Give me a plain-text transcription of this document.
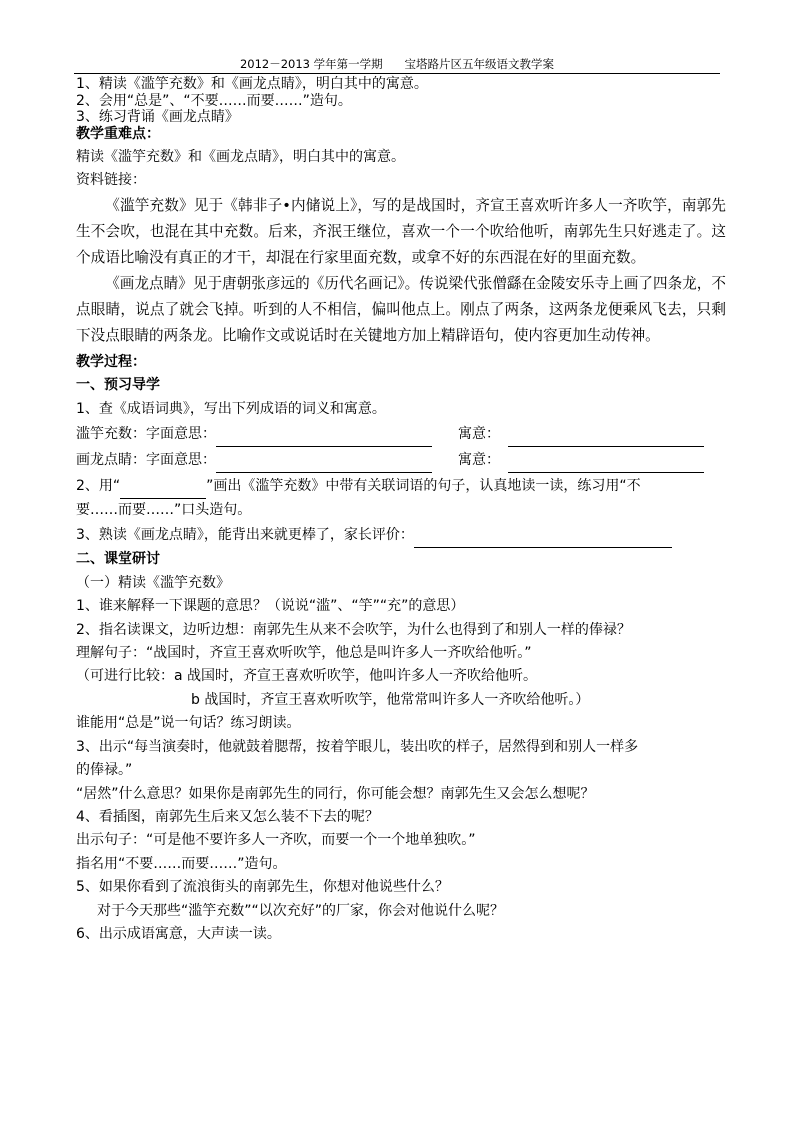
2012－2013 学年第一学期      宝塔路片区五年级语文教学案
1、精读《滥竽充数》和《画龙点睛》，明白其中的寓意。
2、会用“总是”、“不要……而要……”造句。
3、练习背诵《画龙点睛》
教学重难点：
精读《滥竽充数》和《画龙点睛》，明白其中的寓意。
资料链接：
《滥竽充数》见于《韩非子•内储说上》，写的是战国时，齐宣王喜欢听许多人一齐吹竽，南郭先生不会吹，也混在其中充数。后来，齐泯王继位，喜欢一个一个吹给他听，南郭先生只好逃走了。这个成语比喻没有真正的才干，却混在行家里面充数，或拿不好的东西混在好的里面充数。
《画龙点睛》见于唐朝张彦远的《历代名画记》。传说梁代张僧繇在金陵安乐寺上画了四条龙，不点眼睛，说点了就会飞掉。听到的人不相信，偏叫他点上。刚点了两条，这两条龙便乘风飞去，只剩下没点眼睛的两条龙。比喻作文或说话时在关键地方加上精辟语句，使内容更加生动传神。
教学过程：
一、预习导学
1、查《成语词典》，写出下列成语的词义和寓意。
滥竽充数：字面意思：	寓意：
画龙点睛：字面意思：	寓意：
2、用“	”画出《滥竽充数》中带有关联词语的句子，认真地读一读，练习用“不
要……而要……”口头造句。
3、熟读《画龙点睛》，能背出来就更棒了，家长评价：
二、课堂研讨
（一）精读《滥竽充数》
1、谁来解释一下课题的意思？（说说“滥”、“竽”“充”的意思）
2、指名读课文，边听边想：南郭先生从来不会吹竽，为什么也得到了和别人一样的俸禄？
理解句子：“战国时，齐宣王喜欢听吹竽，他总是叫许多人一齐吹给他听。”
（可进行比较：a 战国时，齐宣王喜欢听吹竽，他叫许多人一齐吹给他听。
b 战国时，齐宣王喜欢听吹竽，他常常叫许多人一齐吹给他听。）
谁能用“总是”说一句话？练习朗读。
3、出示“每当演奏时，他就鼓着腮帮，按着竽眼儿，装出吹的样子，居然得到和别人一样多
的俸禄。”
“居然”什么意思？如果你是南郭先生的同行，你可能会想？南郭先生又会怎么想呢？
4、看插图，南郭先生后来又怎么装不下去的呢？
出示句子：“可是他不要许多人一齐吹，而要一个一个地单独吹。”
指名用“不要……而要……”造句。
5、如果你看到了流浪街头的南郭先生，你想对他说些什么？
对于今天那些“滥竽充数”“以次充好”的厂家，你会对他说什么呢？
6、出示成语寓意，大声读一读。
